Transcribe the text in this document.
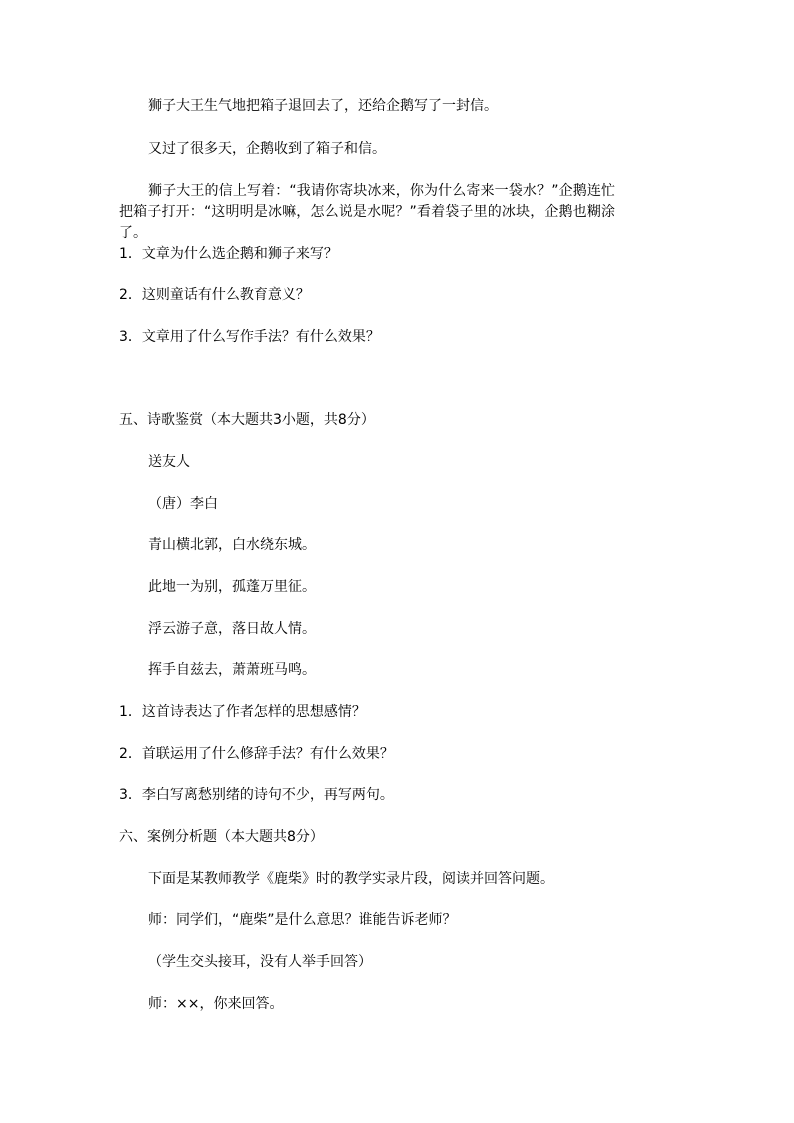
狮子大王生气地把箱子退回去了，还给企鹅写了一封信。

又过了很多天，企鹅收到了箱子和信。

狮子大王的信上写着：“我请你寄块冰来，你为什么寄来一袋水？”企鹅连忙把箱子打开：“这明明是冰嘛，怎么说是水呢？”看着袋子里的冰块，企鹅也糊涂了。

1．文章为什么选企鹅和狮子来写？

2．这则童话有什么教育意义？

3．文章用了什么写作手法？有什么效果？

五、诗歌鉴赏（本大题共3小题，共8分）

送友人

（唐）李白

青山横北郭，白水绕东城。

此地一为别，孤蓬万里征。

浮云游子意，落日故人情。

挥手自兹去，萧萧班马鸣。

1．这首诗表达了作者怎样的思想感情？

2．首联运用了什么修辞手法？有什么效果？

3．李白写离愁别绪的诗句不少，再写两句。

六、案例分析题（本大题共8分）

下面是某教师教学《鹿柴》时的教学实录片段，阅读并回答问题。

师：同学们，“鹿柴”是什么意思？谁能告诉老师？

（学生交头接耳，没有人举手回答）

师：××，你来回答。
